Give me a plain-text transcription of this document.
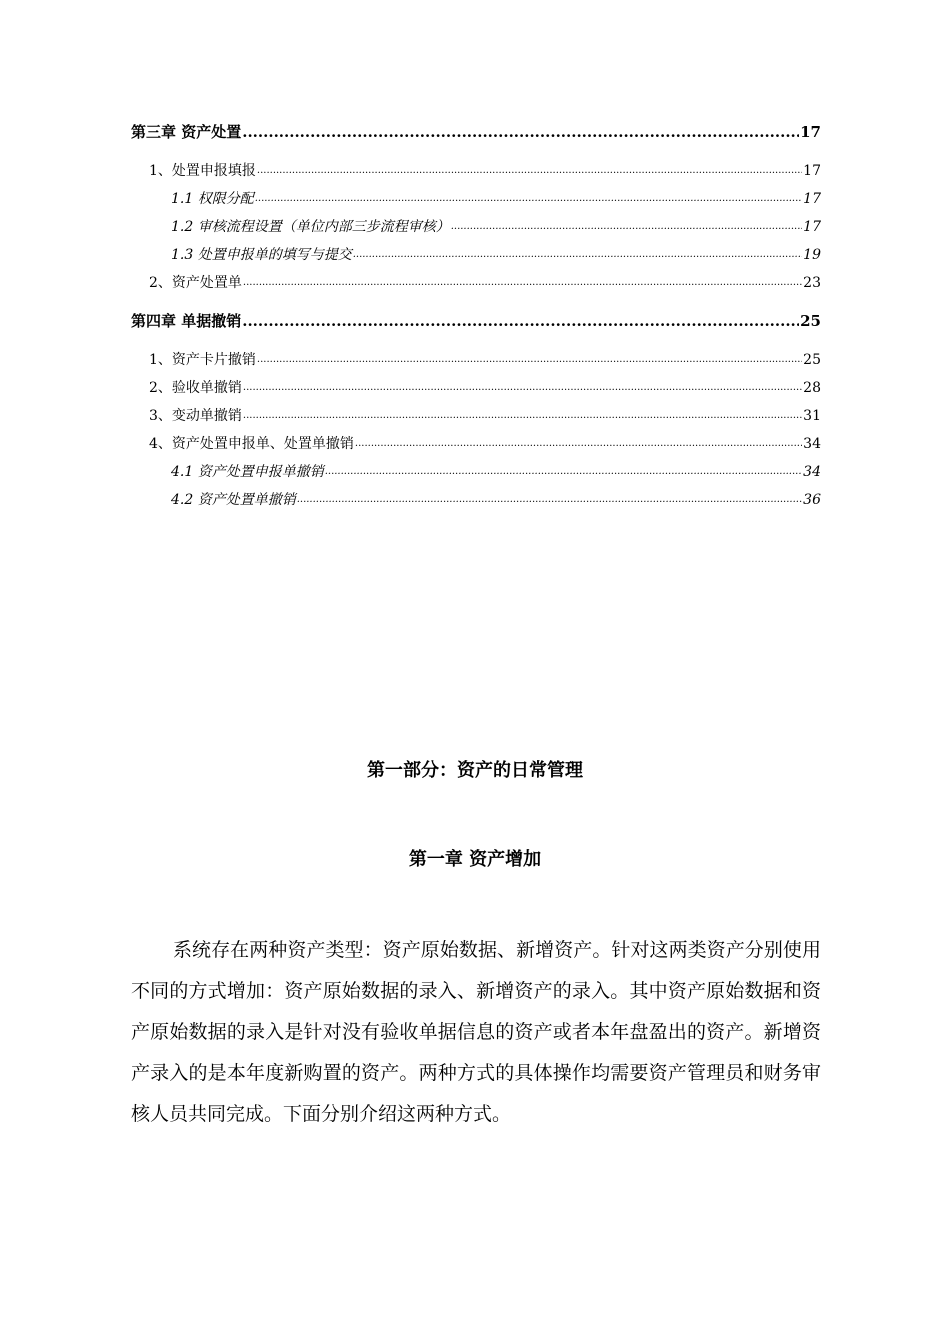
第三章 资产处置 .....	17
1、处置申报填报 .....	17
1.1 权限分配 .....	17
1.2 审核流程设置（单位内部三步流程审核） .....	17
1.3 处置申报单的填写与提交 .....	19
2、资产处置单 .....	23
第四章 单据撤销 .....	25
1、资产卡片撤销 .....	25
2、验收单撤销 .....	28
3、变动单撤销 .....	31
4、资产处置申报单、处置单撤销 .....	34
4.1 资产处置申报单撤销 .....	34
4.2 资产处置单撤销 .....	36
第一部分：资产的日常管理
第一章 资产增加

系统存在两种资产类型：资产原始数据、新增资产。针对这两类资产分别使用不同的方式增加：资产原始数据的录入、新增资产的录入。其中资产原始数据和资产原始数据的录入是针对没有验收单据信息的资产或者本年盘盈出的资产。新增资产录入的是本年度新购置的资产。两种方式的具体操作均需要资产管理员和财务审核人员共同完成。下面分别介绍这两种方式。
